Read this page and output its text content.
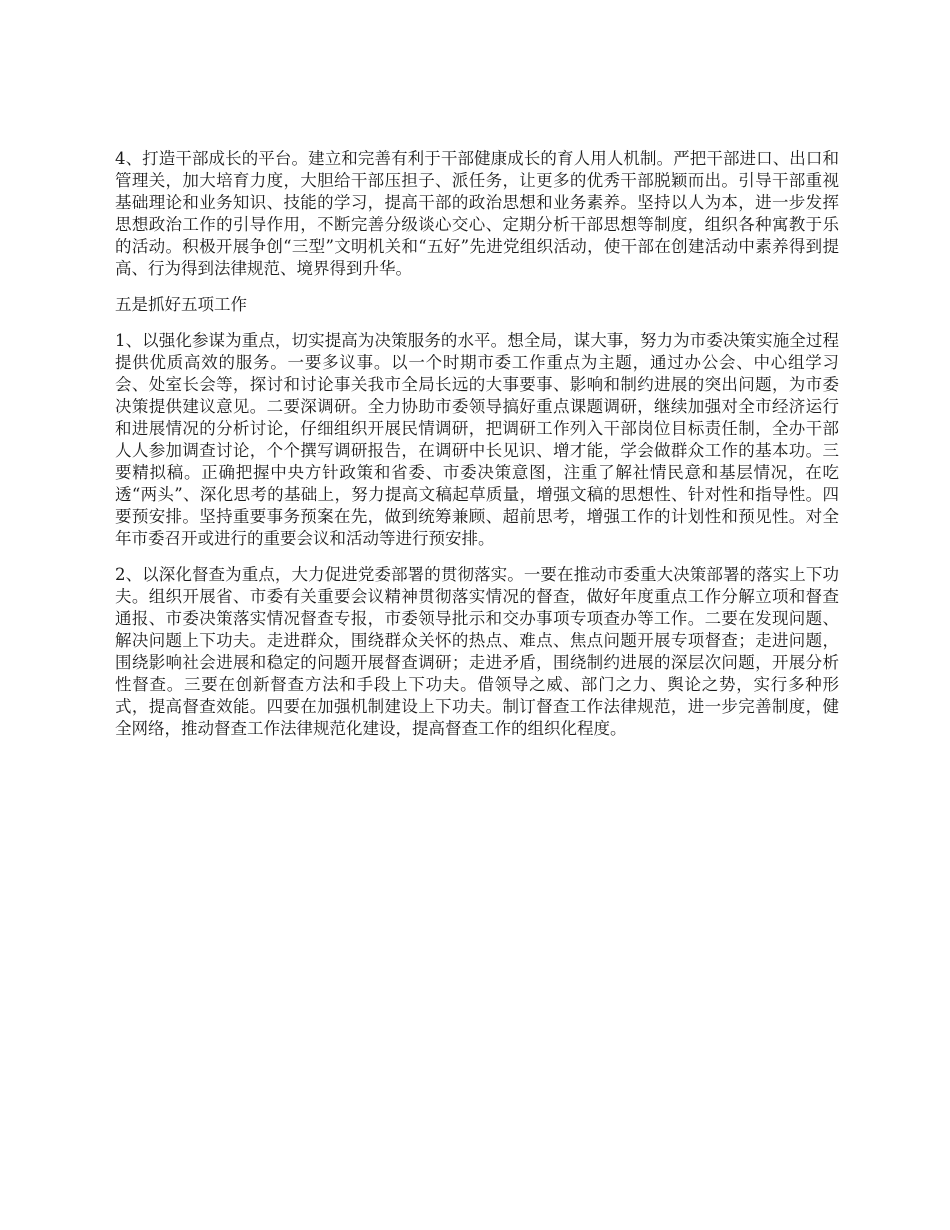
4、打造干部成长的平台。建立和完善有利于干部健康成长的育人用人机制。严把干部进口、出口和管理关，加大培育力度，大胆给干部压担子、派任务，让更多的优秀干部脱颖而出。引导干部重视基础理论和业务知识、技能的学习，提高干部的政治思想和业务素养。坚持以人为本，进一步发挥思想政治工作的引导作用，不断完善分级谈心交心、定期分析干部思想等制度，组织各种寓教于乐的活动。积极开展争创“三型”文明机关和“五好”先进党组织活动，使干部在创建活动中素养得到提高、行为得到法律规范、境界得到升华。

五是抓好五项工作

1、以强化参谋为重点，切实提高为决策服务的水平。想全局，谋大事，努力为市委决策实施全过程提供优质高效的服务。一要多议事。以一个时期市委工作重点为主题，通过办公会、中心组学习会、处室长会等，探讨和讨论事关我市全局长远的大事要事、影响和制约进展的突出问题，为市委决策提供建议意见。二要深调研。全力协助市委领导搞好重点课题调研，继续加强对全市经济运行和进展情况的分析讨论，仔细组织开展民情调研，把调研工作列入干部岗位目标责任制，全办干部人人参加调查讨论，个个撰写调研报告，在调研中长见识、增才能，学会做群众工作的基本功。三要精拟稿。正确把握中央方针政策和省委、市委决策意图，注重了解社情民意和基层情况，在吃透“两头”、深化思考的基础上，努力提高文稿起草质量，增强文稿的思想性、针对性和指导性。四要预安排。坚持重要事务预案在先，做到统筹兼顾、超前思考，增强工作的计划性和预见性。对全年市委召开或进行的重要会议和活动等进行预安排。

2、以深化督查为重点，大力促进党委部署的贯彻落实。一要在推动市委重大决策部署的落实上下功夫。组织开展省、市委有关重要会议精神贯彻落实情况的督查，做好年度重点工作分解立项和督查通报、市委决策落实情况督查专报，市委领导批示和交办事项专项查办等工作。二要在发现问题、解决问题上下功夫。走进群众，围绕群众关怀的热点、难点、焦点问题开展专项督查；走进问题，围绕影响社会进展和稳定的问题开展督查调研；走进矛盾，围绕制约进展的深层次问题，开展分析性督查。三要在创新督查方法和手段上下功夫。借领导之威、部门之力、舆论之势，实行多种形式，提高督查效能。四要在加强机制建设上下功夫。制订督查工作法律规范，进一步完善制度，健全网络，推动督查工作法律规范化建设，提高督查工作的组织化程度。
